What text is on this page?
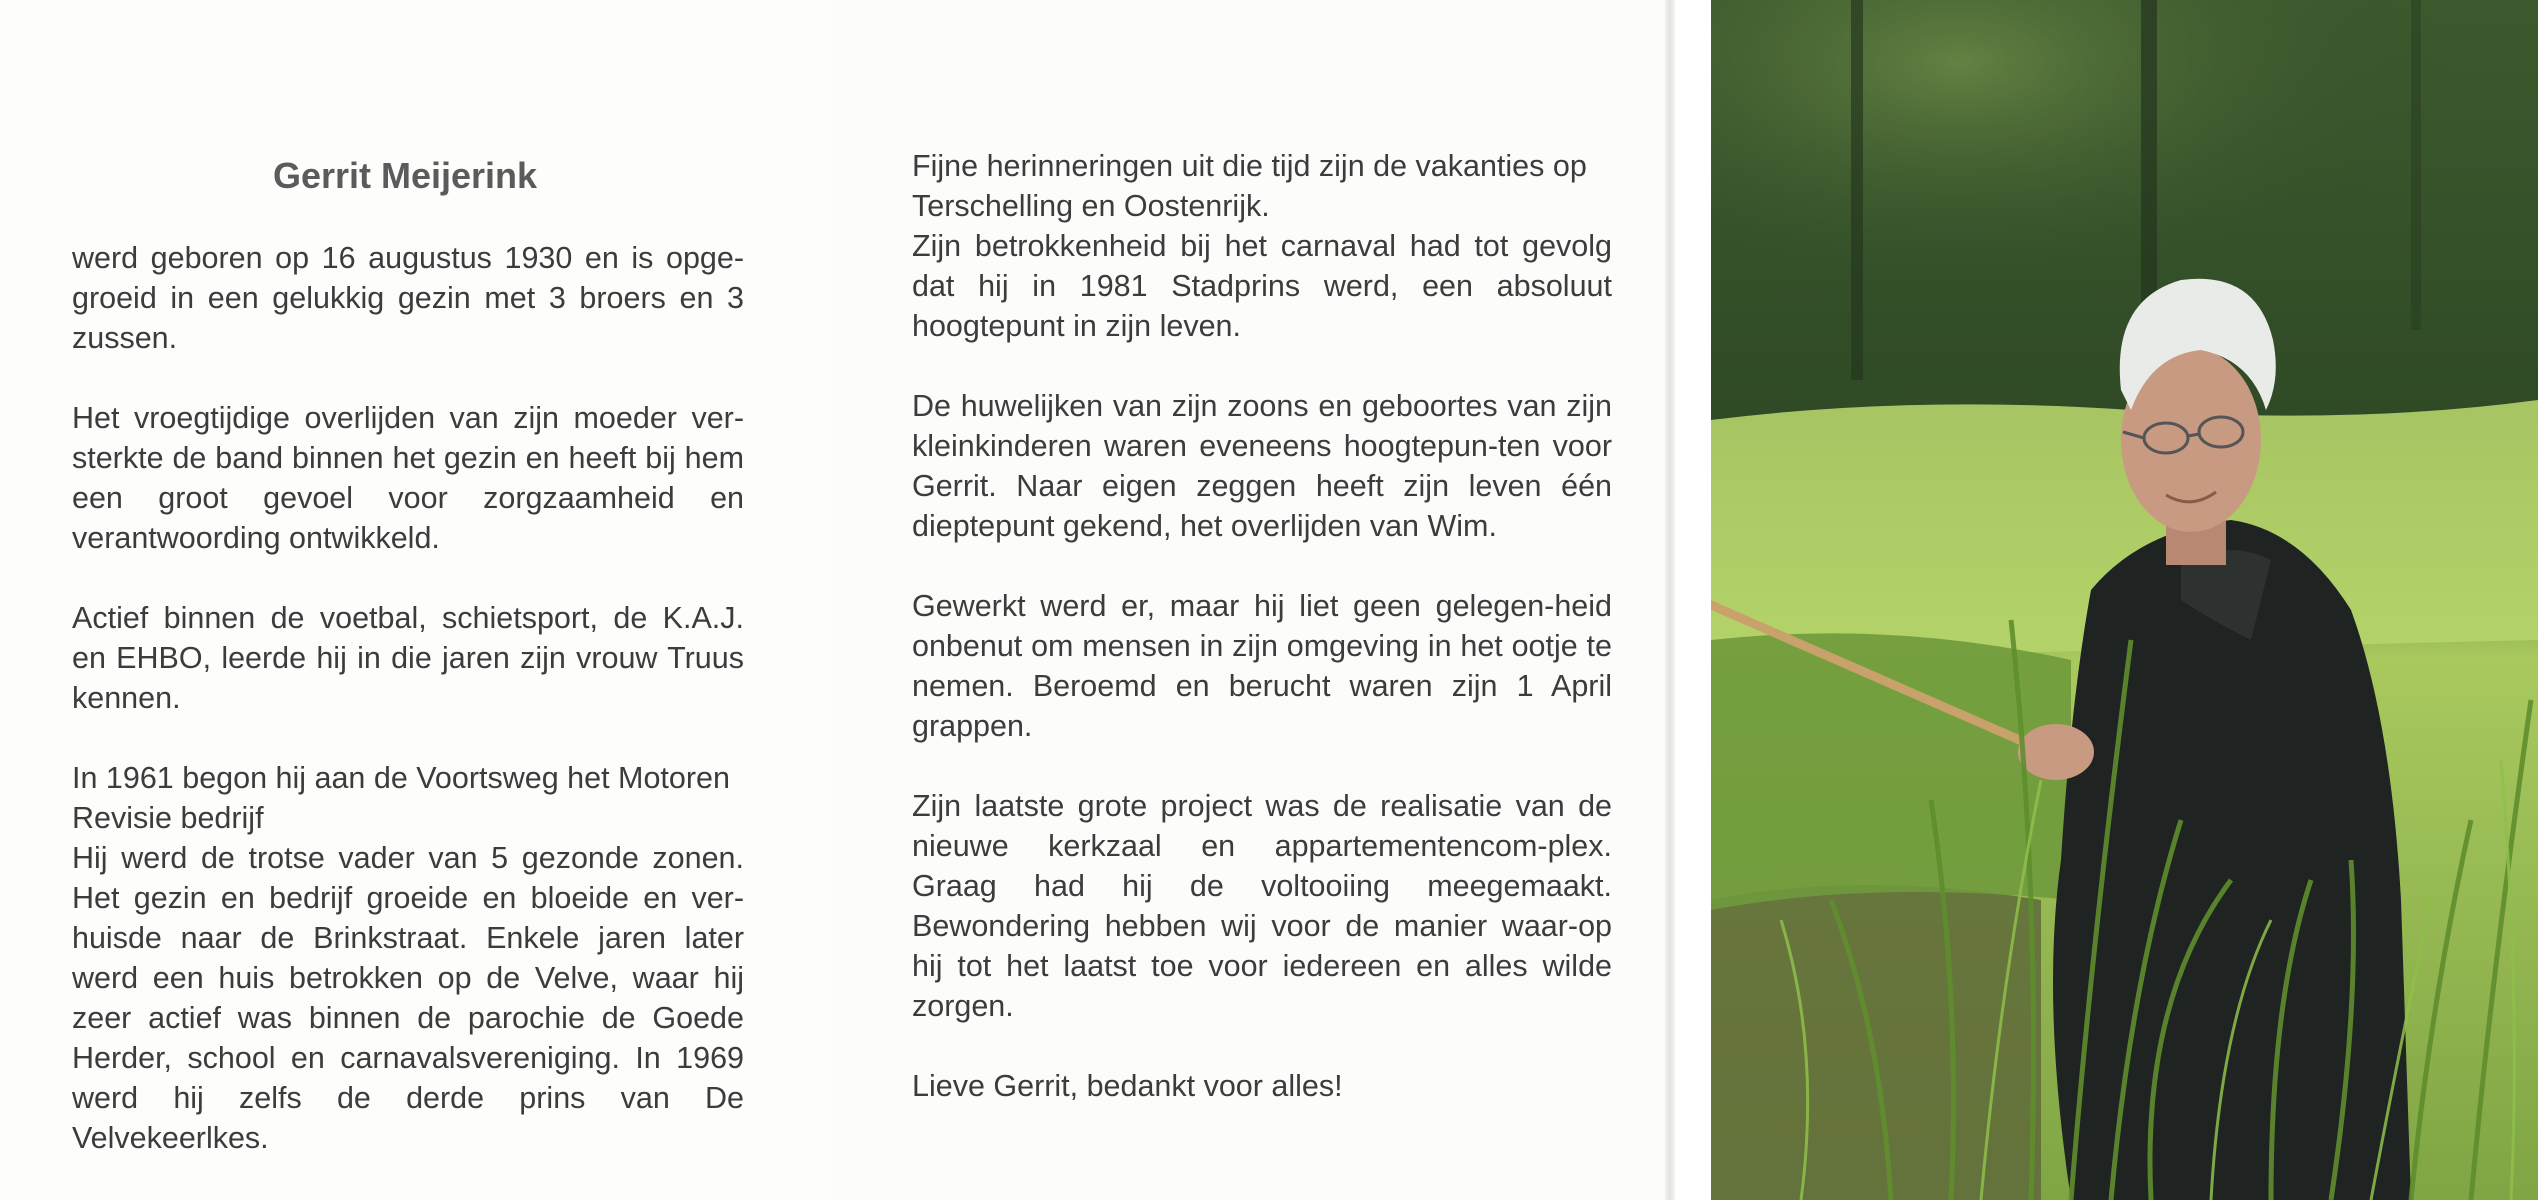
Gerrit Meijerink

werd geboren op 16 augustus 1930 en is opge-groeid in een gelukkig gezin met 3 broers en 3 zussen.

Het vroegtijdige overlijden van zijn moeder ver-sterkte de band binnen het gezin en heeft bij hem een groot gevoel voor zorgzaamheid en verantwoording ontwikkeld.

Actief binnen de voetbal, schietsport, de K.A.J. en EHBO, leerde hij in die jaren zijn vrouw Truus kennen.

In 1961 begon hij aan de Voortsweg het Motoren Revisie bedrijf

Hij werd de trotse vader van 5 gezonde zonen. Het gezin en bedrijf groeide en bloeide en ver-huisde naar de Brinkstraat. Enkele jaren later werd een huis betrokken op de Velve, waar hij zeer actief was binnen de parochie de Goede Herder, school en carnavalsvereniging. In 1969 werd hij zelfs de derde prins van De Velvekeerlkes.

Fijne herinneringen uit die tijd zijn de vakanties op Terschelling en Oostenrijk.

Zijn betrokkenheid bij het carnaval had tot gevolg dat hij in 1981 Stadprins werd, een absoluut hoogtepunt in zijn leven.

De huwelijken van zijn zoons en geboortes van zijn kleinkinderen waren eveneens hoogtepun-ten voor Gerrit. Naar eigen zeggen heeft zijn leven één dieptepunt gekend, het overlijden van Wim.

Gewerkt werd er, maar hij liet geen gelegen-heid onbenut om mensen in zijn omgeving in het ootje te nemen. Beroemd en berucht waren zijn 1 April grappen.

Zijn laatste grote project was de realisatie van de nieuwe kerkzaal en appartementencom-plex. Graag had hij de voltooiing meegemaakt. Bewondering hebben wij voor de manier waar-op hij tot het laatst toe voor iedereen en alles wilde zorgen.

Lieve Gerrit, bedankt voor alles!
